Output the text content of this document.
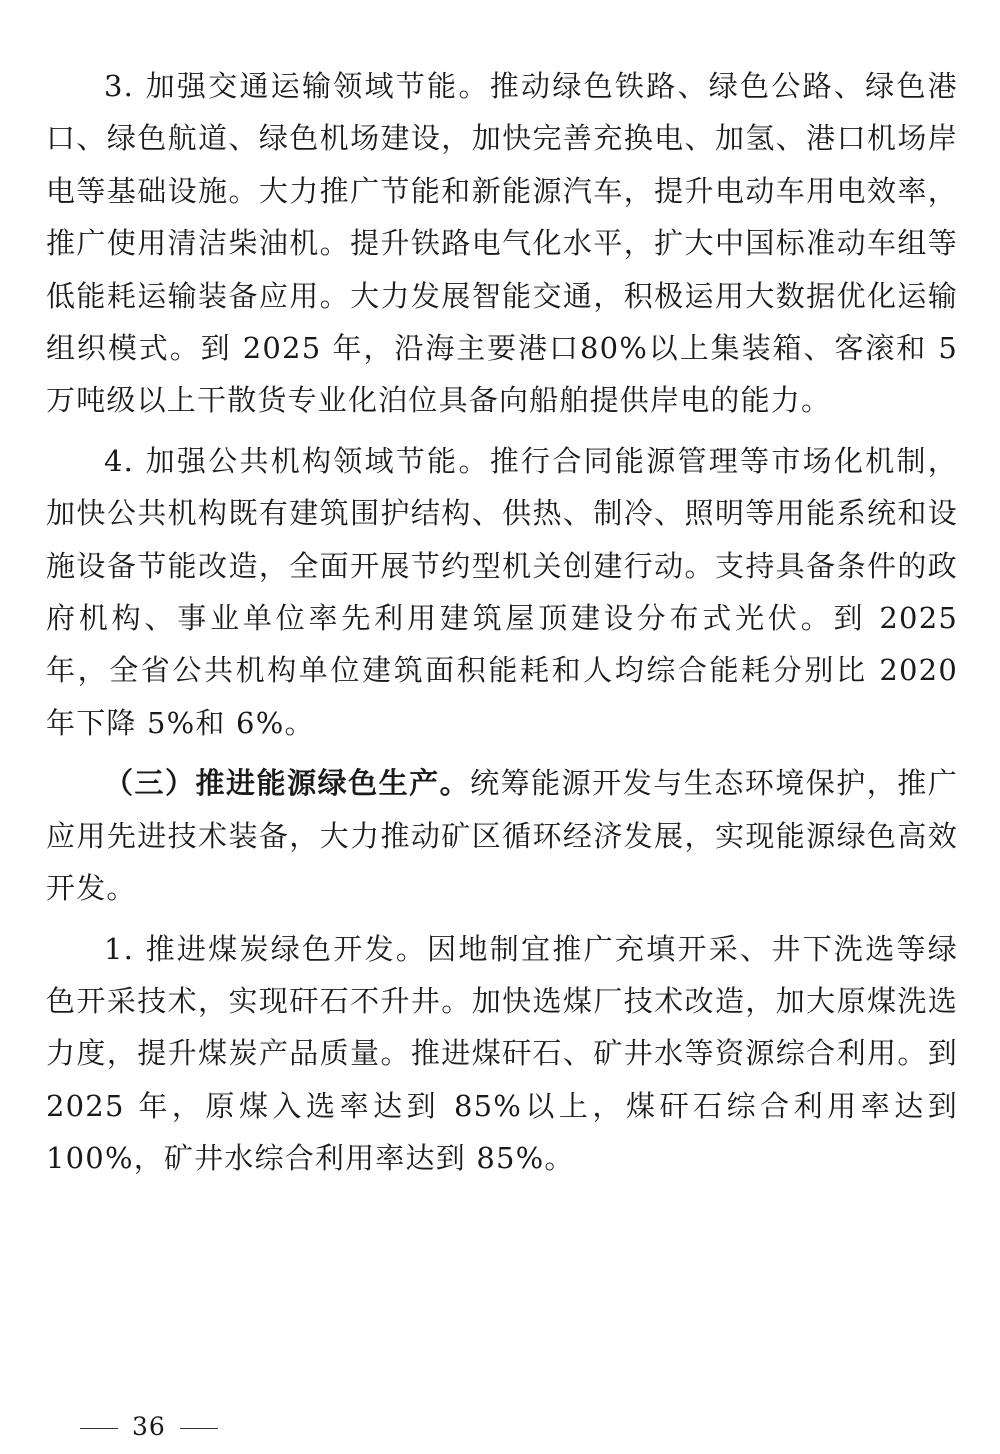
3. 加强交通运输领域节能。推动绿色铁路、绿色公路、绿色港口、绿色航道、绿色机场建设，加快完善充换电、加氢、港口机场岸电等基础设施。大力推广节能和新能源汽车，提升电动车用电效率，推广使用清洁柴油机。提升铁路电气化水平，扩大中国标准动车组等低能耗运输装备应用。大力发展智能交通，积极运用大数据优化运输组织模式。到 2025 年，沿海主要港口80%以上集装箱、客滚和 5 万吨级以上干散货专业化泊位具备向船舶提供岸电的能力。

4. 加强公共机构领域节能。推行合同能源管理等市场化机制，加快公共机构既有建筑围护结构、供热、制冷、照明等用能系统和设施设备节能改造，全面开展节约型机关创建行动。支持具备条件的政府机构、事业单位率先利用建筑屋顶建设分布式光伏。到 2025 年，全省公共机构单位建筑面积能耗和人均综合能耗分别比 2020 年下降 5%和 6%。

（三）推进能源绿色生产。统筹能源开发与生态环境保护，推广应用先进技术装备，大力推动矿区循环经济发展，实现能源绿色高效开发。

1. 推进煤炭绿色开发。因地制宜推广充填开采、井下洗选等绿色开采技术，实现矸石不升井。加快选煤厂技术改造，加大原煤洗选力度，提升煤炭产品质量。推进煤矸石、矿井水等资源综合利用。到 2025 年，原煤入选率达到 85%以上，煤矸石综合利用率达到 100%，矿井水综合利用率达到 85%。

36
